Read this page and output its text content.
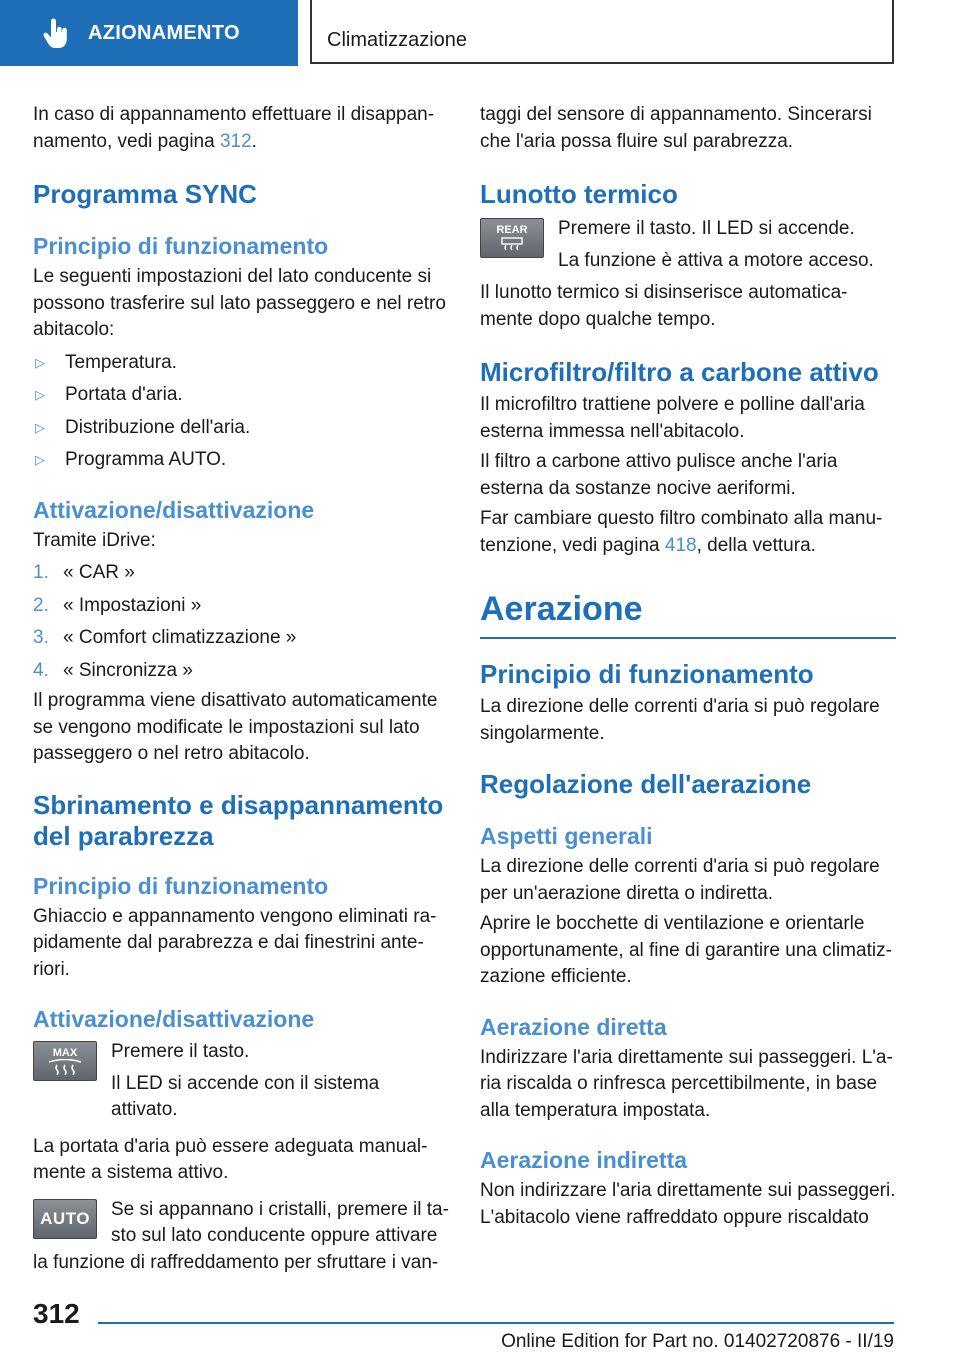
AZIONAMENTO	Climatizzazione

In caso di appannamento effettuare il disappan‐
namento, vedi pagina 312.

Programma SYNC
Principio di funzionamento

Le seguenti impostazioni del lato conducente si possono trasferire sul lato passeggero e nel retro abitacolo:

▷	Temperatura.
▷	Portata d'aria.
▷	Distribuzione dell'aria.
▷	Programma AUTO.
Attivazione/disattivazione

Tramite iDrive:

1. « CAR »
2. « Impostazioni »
3. « Comfort climatizzazione »
4. « Sincronizza »

Il programma viene disattivato automaticamente se vengono modificate le impostazioni sul lato passeggero o nel retro abitacolo.

Sbrinamento e disappannamento del parabrezza
Principio di funzionamento

Ghiaccio e appannamento vengono eliminati ra‐pidamente dal parabrezza e dai finestrini ante‐riori.

Attivazione/disattivazione
MAX Premere il tasto.

Il LED si accende con il sistema attivato.

La portata d'aria può essere adeguata manual‐mente a sistema attivo.

AUTO	Se si appannano i cristalli, premere il ta‐sto sul lato conducente oppure attivare

la funzione di raffreddamento per sfruttare i van‐

taggi del sensore di appannamento. Sincerarsi che l'aria possa fluire sul parabrezza.

Lunotto termico
REAR Premere il tasto. Il LED si accende.

La funzione è attiva a motore acceso.

Il lunotto termico si disinserisce automatica‐mente dopo qualche tempo.

Microfiltro/filtro a carbone attivo

Il microfiltro trattiene polvere e polline dall'aria esterna immessa nell'abitacolo.

Il filtro a carbone attivo pulisce anche l'aria esterna da sostanze nocive aeriformi.

Far cambiare questo filtro combinato alla manu‐tenzione, vedi pagina 418, della vettura.

Aerazione
Principio di funzionamento

La direzione delle correnti d'aria si può regolare singolarmente.

Regolazione dell'aerazione
Aspetti generali

La direzione delle correnti d'aria si può regolare per un'aerazione diretta o indiretta.

Aprire le bocchette di ventilazione e orientarle opportunamente, al fine di garantire una climatiz‐zazione efficiente.

Aerazione diretta

Indirizzare l'aria direttamente sui passeggeri. L'a‐ria riscalda o rinfresca percettibilmente, in base alla temperatura impostata.

Aerazione indiretta

Non indirizzare l'aria direttamente sui passeggeri. L'abitacolo viene raffreddato oppure riscaldato

312
Online Edition for Part no. 01402720876 - II/19
